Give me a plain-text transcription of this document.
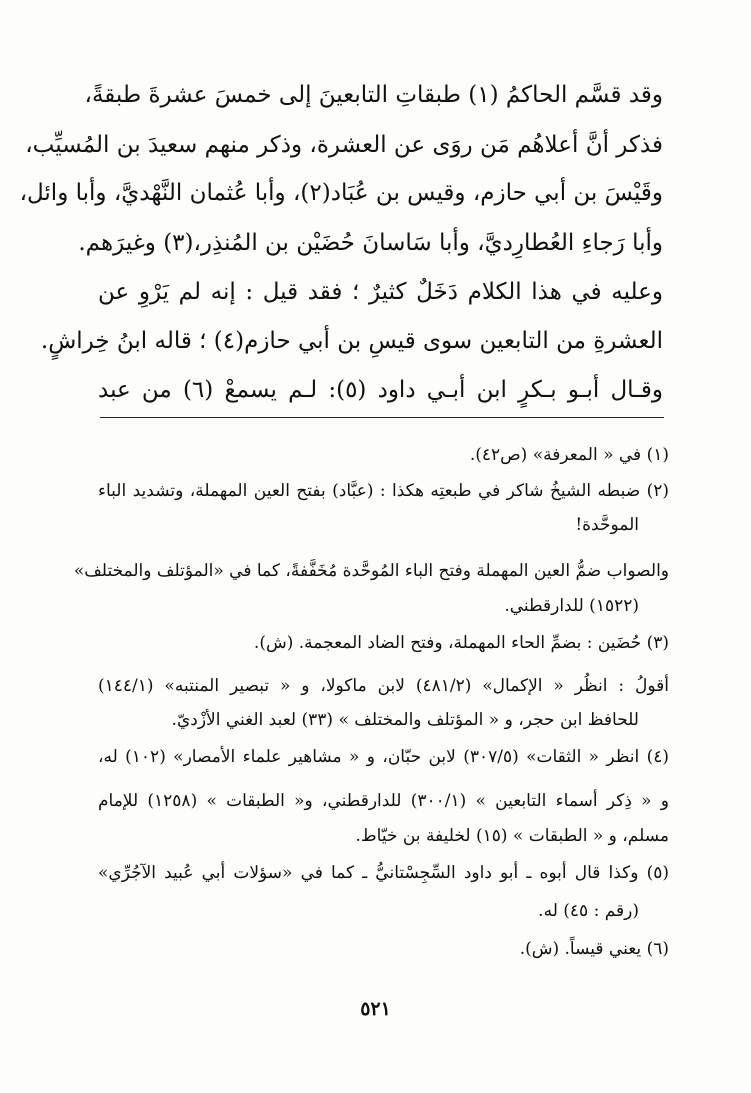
وقد قسَّم الحاكمُ (١) طبقاتِ التابعينَ إلى خمسَ عشرةَ طبقةً،
فذكر أنَّ أعلاهُم مَن روَى عن العشرة، وذكر منهم سعيدَ بن المُسيِّب،
وقَيْسَ بن أبي حازم، وقيس بن عُبَاد(٢)، وأبا عُثمان النَّهْديَّ، وأبا وائل،
وأبا رَجاءِ العُطارِديَّ، وأبا سَاسانَ حُضَيْن بن المُنذِر،(٣) وغيرَهم.
وعليه في هذا الكلام دَخَلٌ كثيرٌ ؛ فقد قيل : إنه لم يَرْوِ عن
العشرةِ من التابعين سوى قيسِ بن أبي حازم(٤) ؛ قاله ابنُ خِراشٍ.
وقـال أبـو بـكرٍ ابن أبـي داود (٥): لـم يسمعْ (٦) من عبد
(١) في « المعرفة» (ص٤٢).
(٢) ضبطه الشيخُ شاكر في طبعتِه هكذا : (عبَّاد) بفتح العين المهملة، وتشديد الباء
الموحَّدة!
والصواب ضمُّ العين المهملة وفتح الباء المُوحَّدة مُخَفَّفةً، كما في «المؤتلف والمختلف»
(١٥٢٢) للدارقطني.
(٣) حُضَين : بضمِّ الحاء المهملة، وفتح الضاد المعجمة. (ش).
أقولُ : انظُر « الإكمال» (٤٨١/٢) لابن ماكولا، و « تبصير المنتبه» (١٤٤/١)
للحافظ ابن حجر، و « المؤتلف والمختلف » (٣٣) لعبد الغني الأزْديّ.
(٤) انظر « الثقات» (٣٠٧/٥) لابن حبّان، و « مشاهير علماء الأمصار» (١٠٢) له،
و « ذِكر أسماء التابعين » (٣٠٠/١) للدارقطني، و« الطبقات » (١٢٥٨) للإمام
مسلم، و « الطبقات » (١٥) لخليفة بن خيّاط.
(٥) وكذا قال أبوه ـ أبو داود السِّجِسْتانيُّ ـ كما في «سؤلات أبي عُبيد الآجُرِّي»
(رقم : ٤٥) له.
(٦) يعني قيساً. (ش).
٥٢١
